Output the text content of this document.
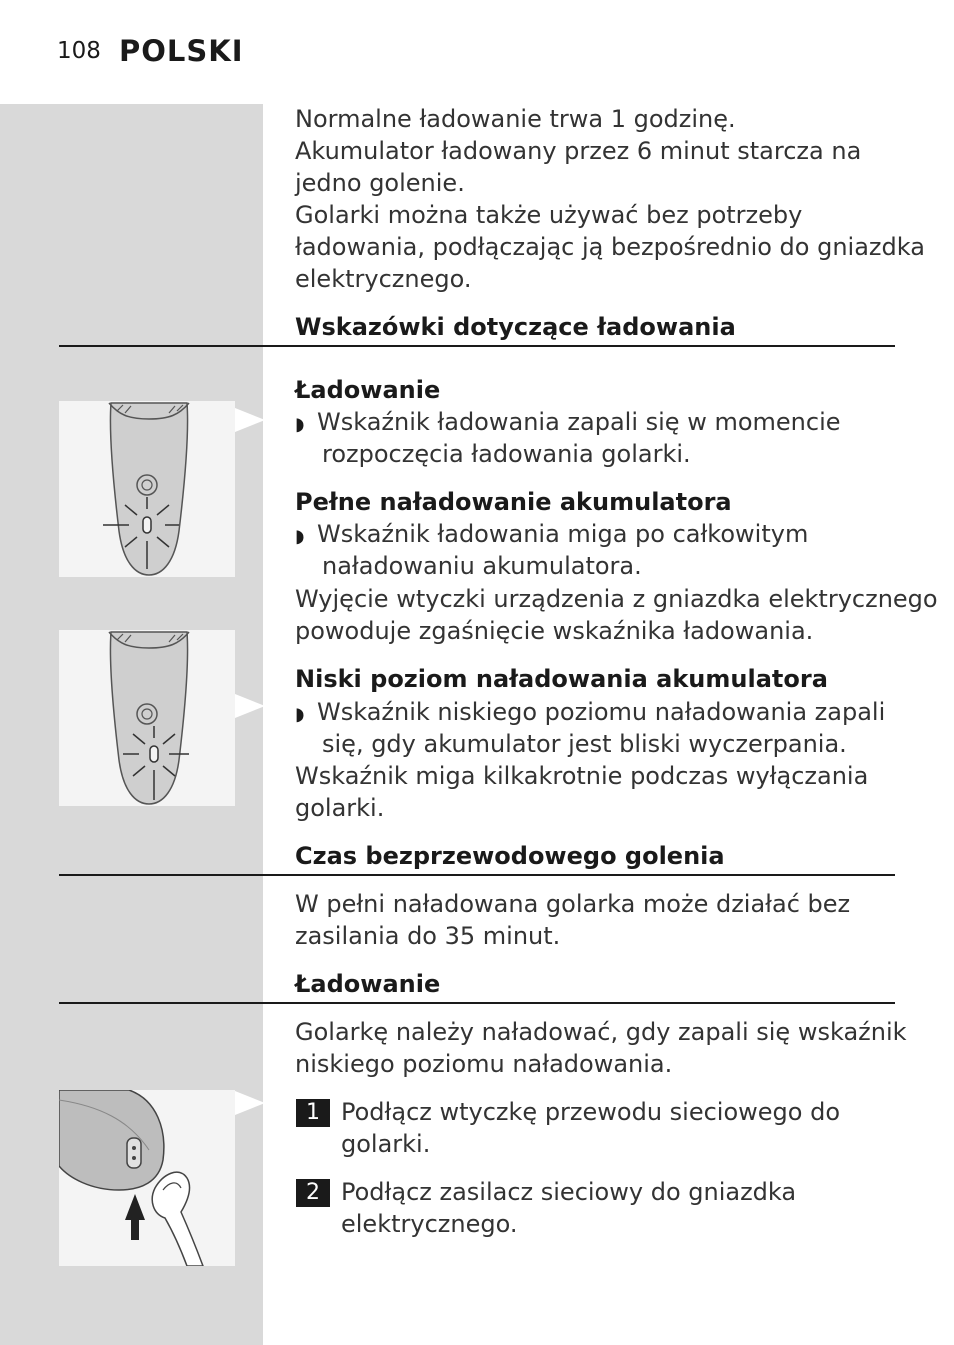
108 POLSKI
Normalne ładowanie trwa 1 godzinę.
Akumulator ładowany przez 6 minut starcza na
jedno golenie.
Golarki można także używać bez potrzeby
ładowania, podłączając ją bezpośrednio do gniazdka
elektrycznego.
Wskazówki dotyczące ładowania
Ładowanie
◗ Wskaźnik ładowania zapali się w momencie
rozpoczęcia ładowania golarki.
Pełne naładowanie akumulatora
◗ Wskaźnik ładowania miga po całkowitym
naładowaniu akumulatora.
Wyjęcie wtyczki urządzenia z gniazdka elektrycznego
powoduje zgaśnięcie wskaźnika ładowania.
Niski poziom naładowania akumulatora
◗ Wskaźnik niskiego poziomu naładowania zapali
się, gdy akumulator jest bliski wyczerpania.
Wskaźnik miga kilkakrotnie podczas wyłączania
golarki.
Czas bezprzewodowego golenia
W pełni naładowana golarka może działać bez
zasilania do 35 minut.
Ładowanie
Golarkę należy naładować, gdy zapali się wskaźnik
niskiego poziomu naładowania.
1 Podłącz wtyczkę przewodu sieciowego do
golarki.
2 Podłącz zasilacz sieciowy do gniazdka
elektrycznego.
